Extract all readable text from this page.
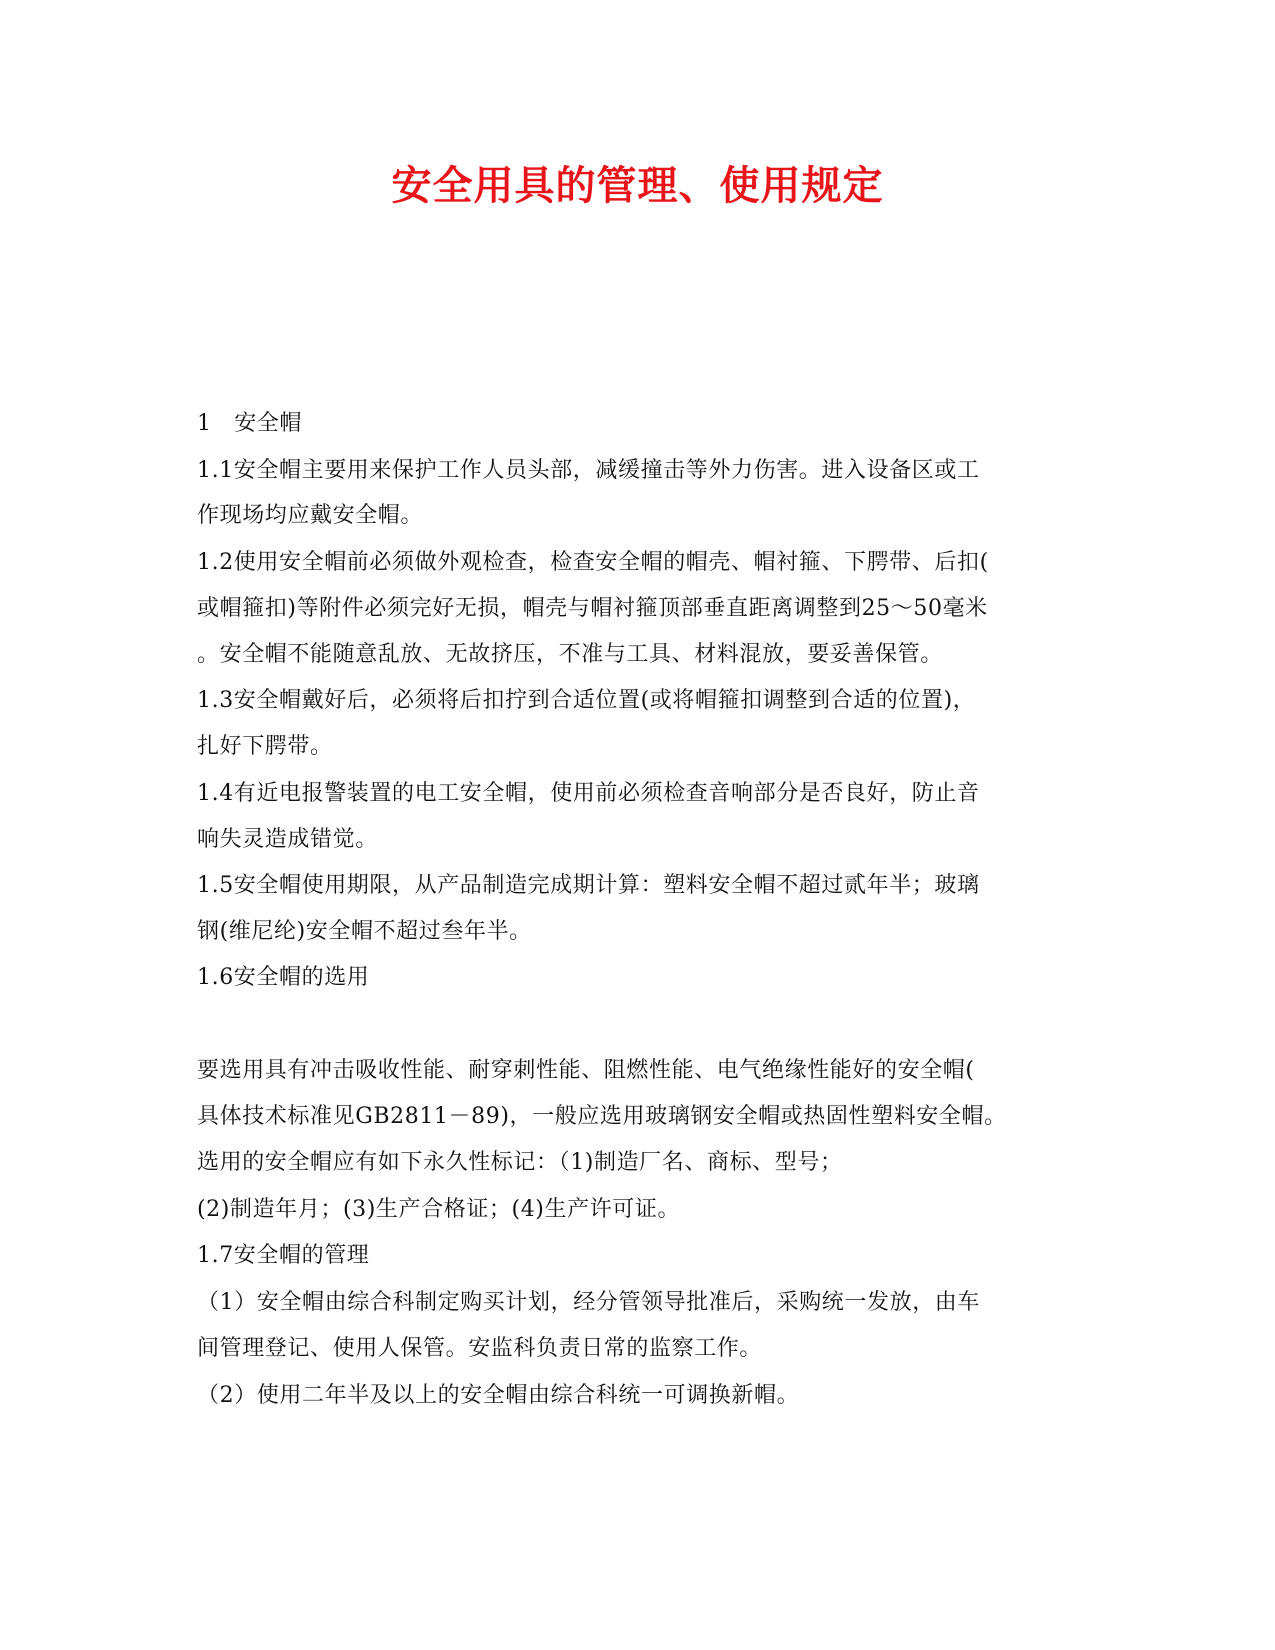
安全用具的管理、使用规定
1　安全帽
1.1安全帽主要用来保护工作人员头部，减缓撞击等外力伤害。进入设备区或工
作现场均应戴安全帽。
1.2使用安全帽前必须做外观检查，检查安全帽的帽壳、帽衬箍、下腭带、后扣(
或帽箍扣)等附件必须完好无损，帽壳与帽衬箍顶部垂直距离调整到25～50毫米
。安全帽不能随意乱放、无故挤压，不准与工具、材料混放，要妥善保管。
1.3安全帽戴好后，必须将后扣拧到合适位置(或将帽箍扣调整到合适的位置)，
扎好下腭带。
1.4有近电报警装置的电工安全帽，使用前必须检查音响部分是否良好，防止音
响失灵造成错觉。
1.5安全帽使用期限，从产品制造完成期计算：塑料安全帽不超过贰年半；玻璃
钢(维尼纶)安全帽不超过叁年半。
1.6安全帽的选用
要选用具有冲击吸收性能、耐穿刺性能、阻燃性能、电气绝缘性能好的安全帽(
具体技术标准见GB2811－89)，一般应选用玻璃钢安全帽或热固性塑料安全帽。
选用的安全帽应有如下永久性标记：（1)制造厂名、商标、型号；
(2)制造年月；(3)生产合格证；(4)生产许可证。
1.7安全帽的管理
（1）安全帽由综合科制定购买计划，经分管领导批准后，采购统一发放，由车
间管理登记、使用人保管。安监科负责日常的监察工作。
（2）使用二年半及以上的安全帽由综合科统一可调换新帽。
